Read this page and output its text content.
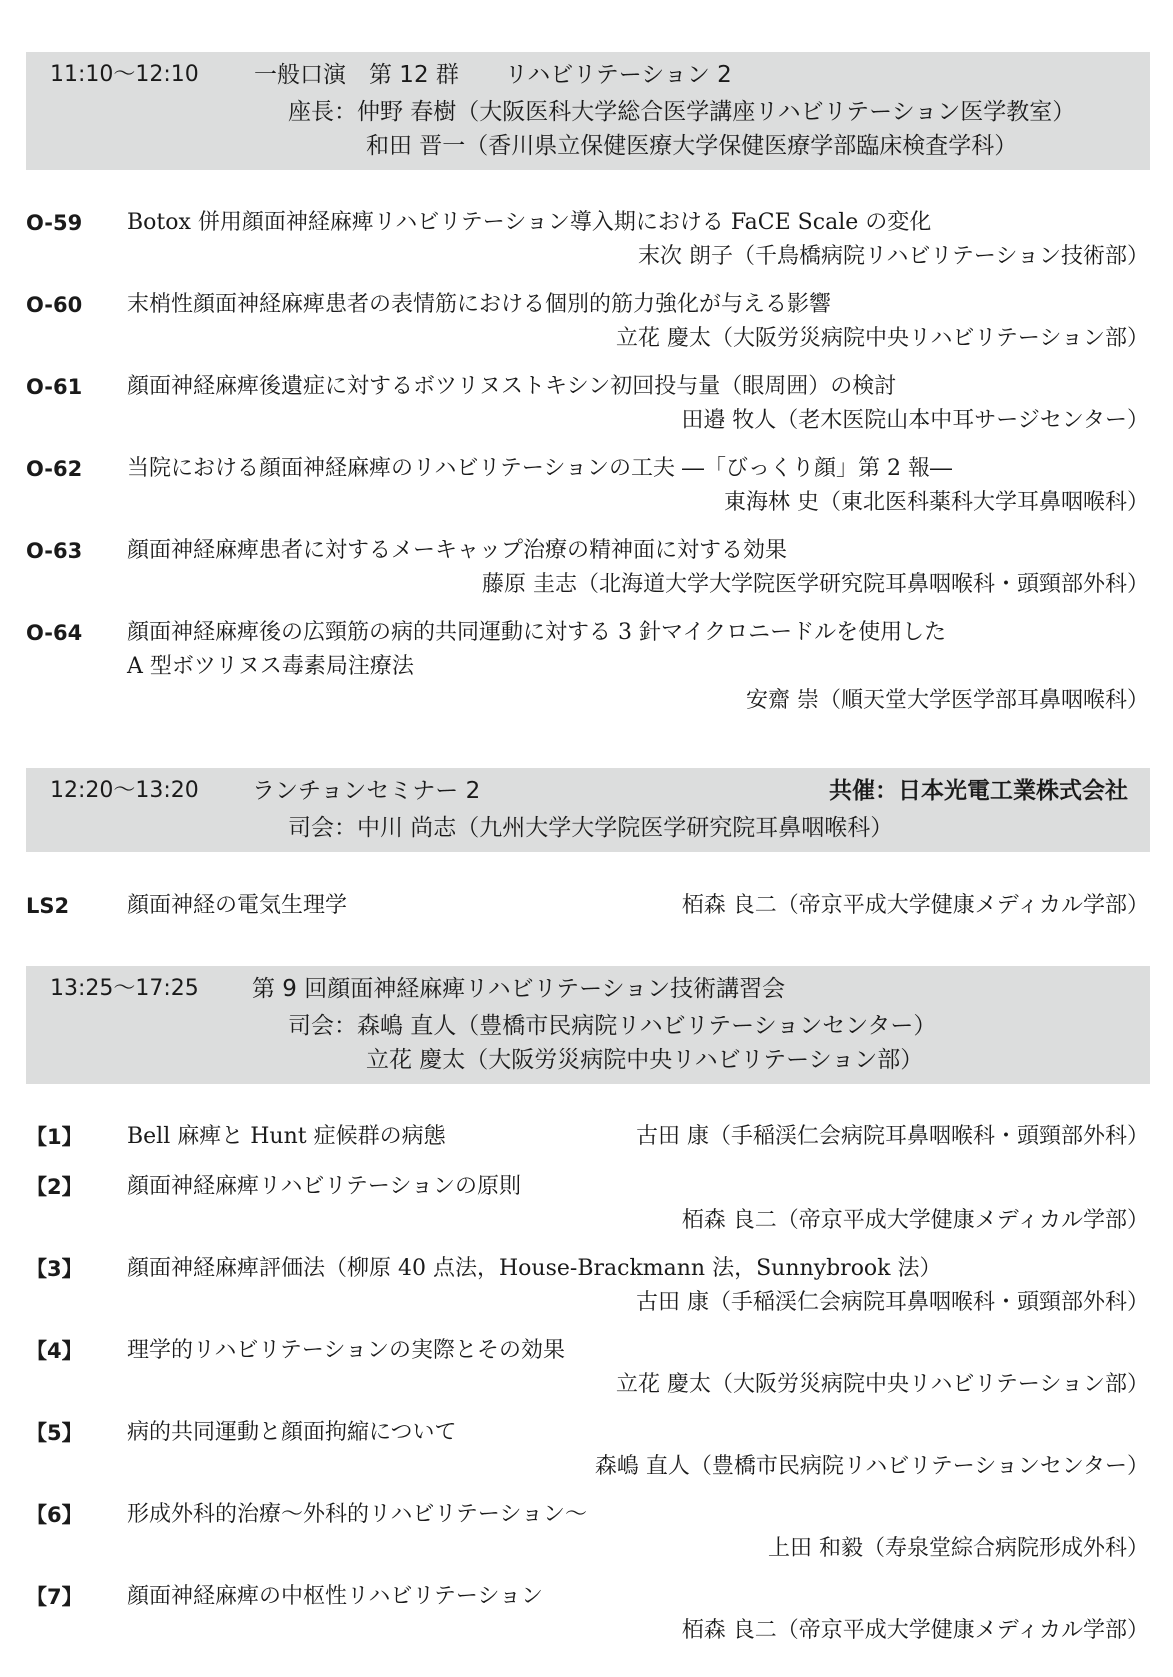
11:10〜12:10 一般口演　第 12 群　　リハビリテーション 2
座長：仲野 春樹（大阪医科大学総合医学講座リハビリテーション医学教室）
和田 晋一（香川県立保健医療大学保健医療学部臨床検査学科）
O-59 Botox 併用顔面神経麻痺リハビリテーション導入期における FaCE Scale の変化
末次 朗子（千鳥橋病院リハビリテーション技術部）
O-60 末梢性顔面神経麻痺患者の表情筋における個別的筋力強化が与える影響
立花 慶太（大阪労災病院中央リハビリテーション部）
O-61 顔面神経麻痺後遺症に対するボツリヌストキシン初回投与量（眼周囲）の検討
田邉 牧人（老木医院山本中耳サージセンター）
O-62 当院における顔面神経麻痺のリハビリテーションの工夫 ―「びっくり顔」第 2 報―
東海林 史（東北医科薬科大学耳鼻咽喉科）
O-63 顔面神経麻痺患者に対するメーキャップ治療の精神面に対する効果
藤原 圭志（北海道大学大学院医学研究院耳鼻咽喉科・頭頸部外科）
O-64 顔面神経麻痺後の広頸筋の病的共同運動に対する 3 針マイクロニードルを使用した
A 型ボツリヌス毒素局注療法
安齋 崇（順天堂大学医学部耳鼻咽喉科）
12:20〜13:20 ランチョンセミナー 2	共催：日本光電工業株式会社
司会：中川 尚志（九州大学大学院医学研究院耳鼻咽喉科）
LS2	顔面神経の電気生理学	栢森 良二（帝京平成大学健康メディカル学部）
13:25〜17:25 第 9 回顔面神経麻痺リハビリテーション技術講習会
司会：森嶋 直人（豊橋市民病院リハビリテーションセンター）
立花 慶太（大阪労災病院中央リハビリテーション部）
【1】 Bell 麻痺と Hunt 症候群の病態	古田 康（手稲渓仁会病院耳鼻咽喉科・頭頸部外科）
【2】 顔面神経麻痺リハビリテーションの原則
栢森 良二（帝京平成大学健康メディカル学部）
【3】 顔面神経麻痺評価法（柳原 40 点法，House-Brackmann 法，Sunnybrook 法）
古田 康（手稲渓仁会病院耳鼻咽喉科・頭頸部外科）
【4】 理学的リハビリテーションの実際とその効果
立花 慶太（大阪労災病院中央リハビリテーション部）
【5】 病的共同運動と顔面拘縮について
森嶋 直人（豊橋市民病院リハビリテーションセンター）
【6】 形成外科的治療〜外科的リハビリテーション〜
上田 和毅（寿泉堂綜合病院形成外科）
【7】 顔面神経麻痺の中枢性リハビリテーション
栢森 良二（帝京平成大学健康メディカル学部）
